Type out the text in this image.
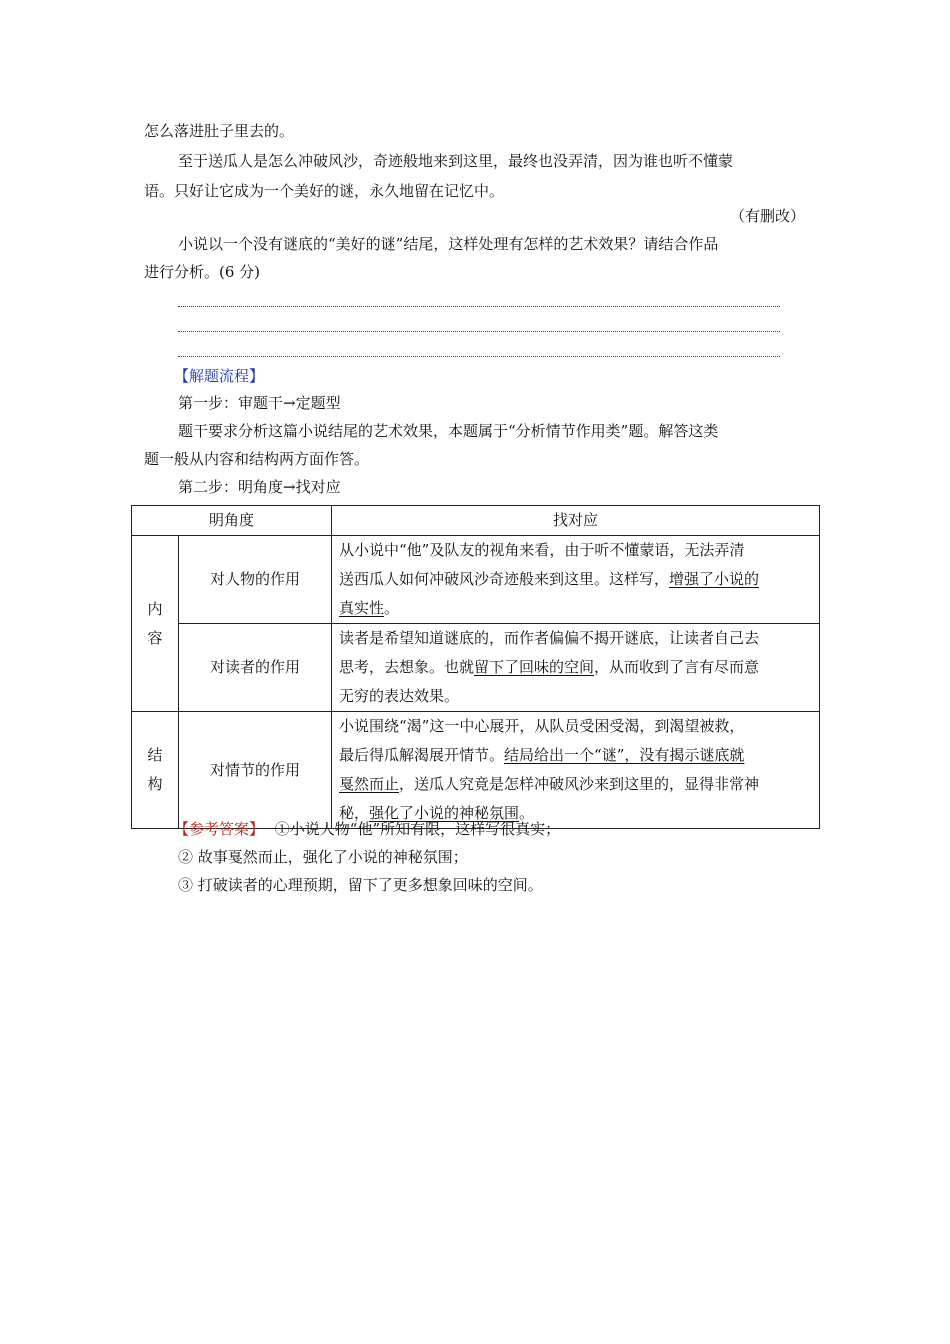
怎么落进肚子里去的。
至于送瓜人是怎么冲破风沙，奇迹般地来到这里，最终也没弄清，因为谁也听不懂蒙
语。只好让它成为一个美好的谜，永久地留在记忆中。
（有删改）
小说以一个没有谜底的“美好的谜”结尾，这样处理有怎样的艺术效果？请结合作品
进行分析。(6 分)
【解题流程】
第一步：审题干→定题型
题干要求分析这篇小说结尾的艺术效果，本题属于“分析情节作用类”题。解答这类
题一般从内容和结构两方面作答。
第二步：明角度→找对应
明角度		找对应
内
容	对人物的作用	从小说中“他”及队友的视角来看，由于听不懂蒙语，无法弄清
送西瓜人如何冲破风沙奇迹般来到这里。这样写，增强了小说的
真实性。
	对读者的作用	读者是希望知道谜底的，而作者偏偏不揭开谜底，让读者自己去
思考，去想象。也就留下了回味的空间，从而收到了言有尽而意
无穷的表达效果。
结
构	对情节的作用	小说围绕“渴”这一中心展开，从队员受困受渴，到渴望被救，
最后得瓜解渴展开情节。结局给出一个“谜”，没有揭示谜底就
戛然而止，送瓜人究竟是怎样冲破风沙来到这里的，显得非常神
秘，强化了小说的神秘氛围。
【参考答案】 ①小说人物“他”所知有限，这样写很真实；
② 故事戛然而止，强化了小说的神秘氛围；
③ 打破读者的心理预期，留下了更多想象回味的空间。
